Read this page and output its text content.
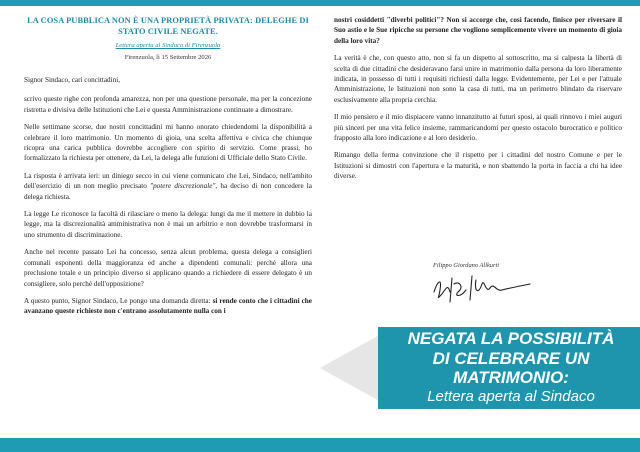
LA COSA PUBBLICA NON È UNA PROPRIETÀ PRIVATA: DELEGHE DI STATO CIVILE NEGATE.
Lettera aperta al Sindaco di Firenzuola
Firenzuola, lì 15 Settembre 2026

Signor Sindaco, cari concittadini,

scrivo queste righe con profonda amarezza, non per una questione personale, ma per la concezione ristretta e divisiva delle Istituzioni che Lei e questa Amministrazione continuate a dimostrare.

Nelle settimane scorse, due nostri concittadini mi hanno onorato chiedendomi la disponibilità a celebrare il loro matrimonio. Un momento di gioia, una scelta affettiva e civica che chiunque ricopra una carica pubblica dovrebbe accogliere con spirito di servizio. Come prassi, ho formalizzato la richiesta per ottenere, da Lei, la delega alle funzioni di Ufficiale dello Stato Civile.

La risposta è arrivata ieri: un diniego secco in cui viene comunicato che Lei, Sindaco, nell'ambito dell'esercizio di un non meglio precisato "potere discrezionale", ha deciso di non concedere la delega richiesta.

La legge Le riconosce la facoltà di rilasciare o meno la delega: lungi da me il mettere in dubbio la legge, ma la discrezionalità amministrativa non è mai un arbitrio e non dovrebbe trasformarsi in uno strumento di discriminazione.

Anche nel recente passato Lei ha concesso, senza alcun problema, questa delega a consiglieri comunali esponenti della maggioranza ed anche a dipendenti comunali: perché allora una preclusione totale e un principio diverso si applicano quando a richiedere di essere delegato è un consigliere, solo perché dell'opposizione?

A questo punto, Signor Sindaco, Le pongo una domanda diretta: si rende conto che i cittadini che avanzano queste richieste non c'entrano assolutamente nulla con i

nostri cosiddetti "diverbi politici"? Non si accorge che, così facendo, finisce per riversare il Suo astio e le Sue ripicche su persone che vogliono semplicemente vivere un momento di gioia della loro vita?

La verità è che, con questo atto, non si fa un dispetto al sottoscritto, ma si calpesta la libertà di scelta di due cittadini che desideravano farsi unire in matrimonio dalla persona da loro liberamente indicata, in possesso di tutti i requisiti richiesti dalla legge. Evidentemente, per Lei e per l'attuale Amministrazione, le Istituzioni non sono la casa di tutti, ma un perimetro blindato da riservare esclusivamente alla propria cerchia.

Il mio pensiero e il mio dispiacere vanno innanzitutto ai futuri sposi, ai quali rinnovo i miei auguri più sinceri per una vita felice insieme, rammaricandomi per questo ostacolo burocratico e politico frapposto alla loro indicazione e al loro desiderio.

Rimango della ferma convinzione che il rispetto per i cittadini del nostro Comune e per le Istituzioni si dimostri con l'apertura e la maturità, e non sbattendo la porta in faccia a chi ha idee diverse.

Filippo Giordano Allkurti
NEGATA LA POSSIBILITÀ
DI CELEBRARE UN
MATRIMONIO:
Lettera aperta al Sindaco
